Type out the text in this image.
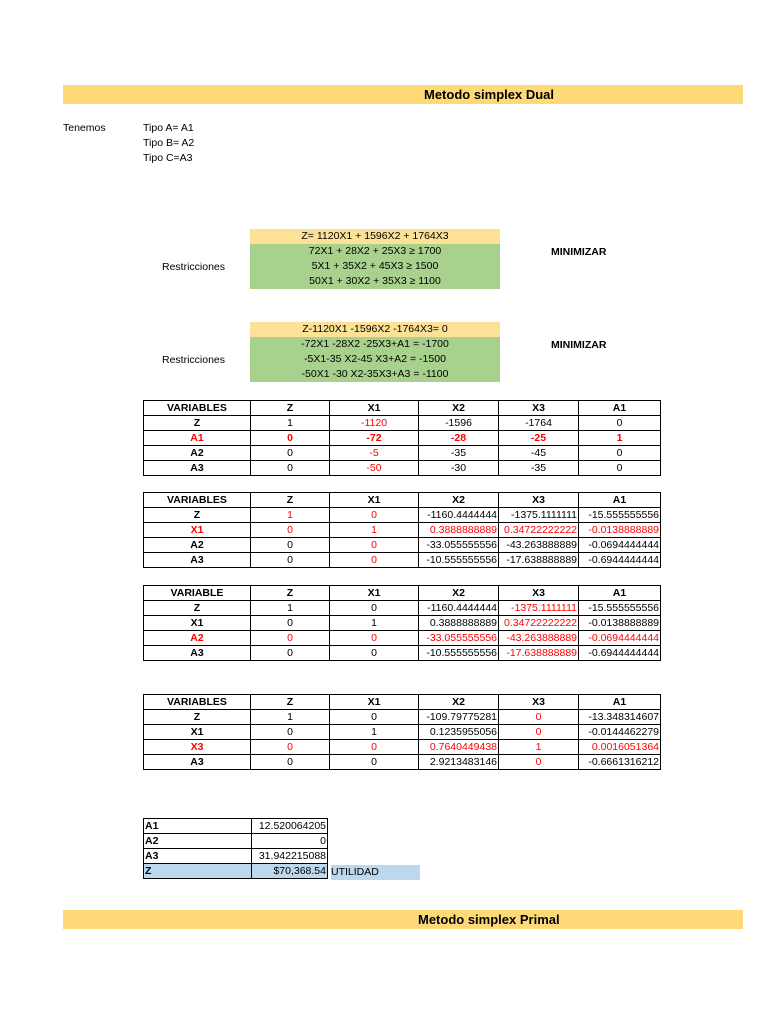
Metodo simplex Dual
Tenemos	Tipo A= A1
Tipo B= A2
Tipo C=A3
Z= 1120X1 + 1596X2 + 1764X3
72X1 + 28X2 + 25X3 ≥ 1700
5X1 + 35X2 + 45X3 ≥ 1500
50X1 + 30X2 + 35X3 ≥ 1100
Restricciones
MINIMIZAR
Z-1120X1 -1596X2 -1764X3= 0
-72X1 -28X2 -25X3+A1 = -1700
-5X1-35 X2-45 X3+A2 = -1500
-50X1 -30 X2-35X3+A3 = -1100
Restricciones
MINIMIZAR
VARIABLES	Z	X1	X2	X3	A1
Z	1	-1120	-1596	-1764	0
A1	0	-72	-28	-25	1
A2	0	-5	-35	-45	0
A3	0	-50	-30	-35	0
VARIABLES	Z	X1	X2	X3	A1
Z	1	0	-1160.4444444	-1375.1111111	-15.555555556
X1	0	1	0.3888888889	0.34722222222	-0.0138888889
A2	0	0	-33.055555556	-43.263888889	-0.0694444444
A3	0	0	-10.555555556	-17.638888889	-0.6944444444
VARIABLE	Z	X1	X2	X3	A1
Z	1	0	-1160.4444444	-1375.1111111	-15.555555556
X1	0	1	0.3888888889	0.34722222222	-0.0138888889
A2	0	0	-33.055555556	-43.263888889	-0.0694444444
A3	0	0	-10.555555556	-17.638888889	-0.6944444444
VARIABLES	Z	X1	X2	X3	A1
Z	1	0	-109.79775281	0	-13.348314607
X1	0	1	0.1235955056	0	-0.0144462279
X3	0	0	0.7640449438	1	0.0016051364
A3	0	0	2.9213483146	0	-0.6661316212
A1	12.520064205
A2	0
A3	31.942215088
Z	$70,368.54 UTILIDAD
Metodo simplex Primal
